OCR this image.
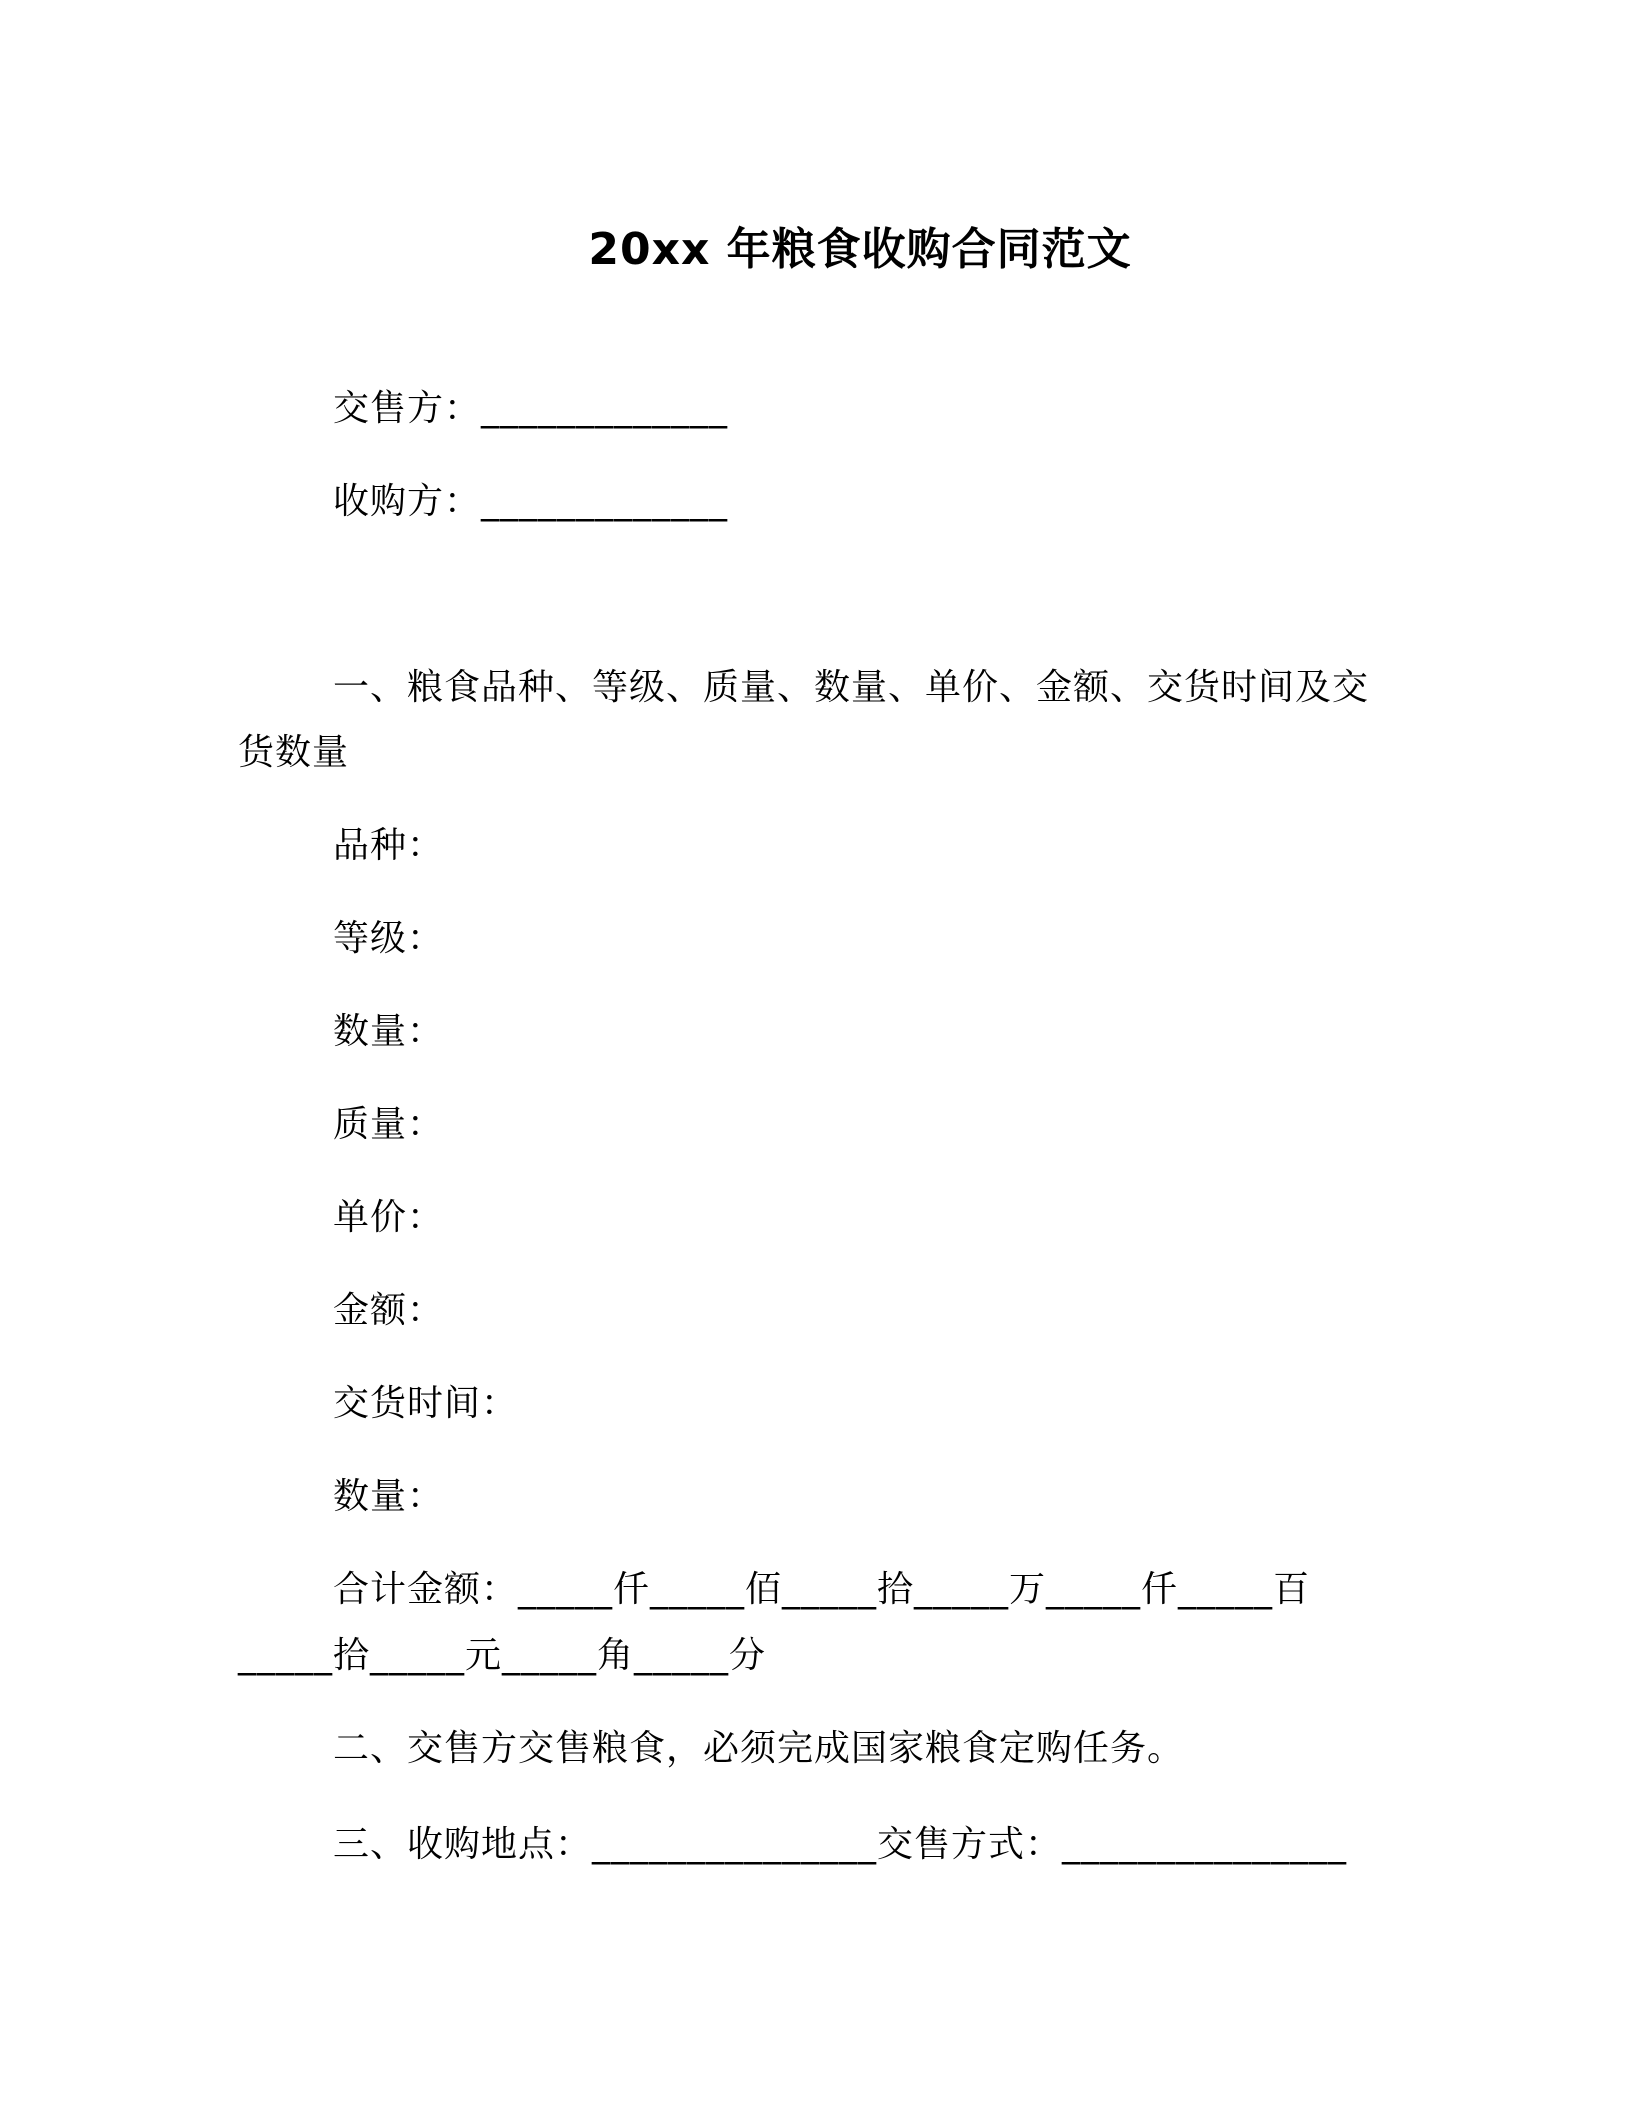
20xx 年粮食收购合同范文
交售方：_____________
收购方：_____________
一、粮食品种、等级、质量、数量、单价、金额、交货时间及交
货数量
品种：
等级：
数量：
质量：
单价：
金额：
交货时间：
数量：
合计金额：_____仟_____佰_____拾_____万_____仟_____百
_____拾_____元_____角_____分
二、交售方交售粮食，必须完成国家粮食定购任务。
三、收购地点：_______________交售方式：_______________
